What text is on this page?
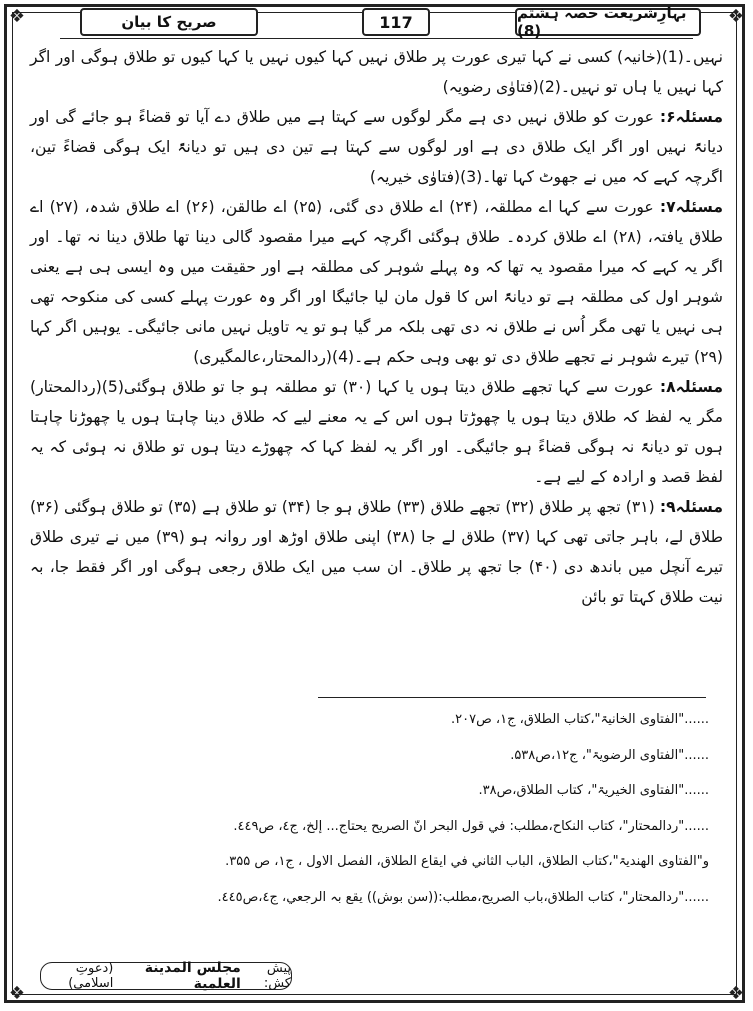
❖	❖
❖	❖
صریح کا بیان	117	بہارِشریعت حصہ ہشتم (8)

نہیں۔(1)(خانیہ) کسی نے کہا تیری عورت پر طلاق نہیں کہا کیوں نہیں یا کہا کیوں تو طلاق ہوگی اور اگر کہا نہیں یا ہاں تو نہیں۔(2)(فتاوٰی رضویہ)

مسئلہ۶: عورت کو طلاق نہیں دی ہے مگر لوگوں سے کہتا ہے میں طلاق دے آیا تو قضاءً ہو جائے گی اور دیانۃً نہیں اور اگر ایک طلاق دی ہے اور لوگوں سے کہتا ہے تین دی ہیں تو دیانۃً ایک ہوگی قضاءً تین، اگرچہ کہے کہ میں نے جھوٹ کہا تھا۔(3)(فتاوٰی خیریہ)

مسئلہ۷: عورت سے کہا اے مطلقہ، (۲۴) اے طلاق دی گئی، (۲۵) اے طالقن، (۲۶) اے طلاق شدہ، (۲۷) اے طلاق یافتہ، (۲۸) اے طلاق کردہ۔ طلاق ہوگئی اگرچہ کہے میرا مقصود گالی دینا تھا طلاق دینا نہ تھا۔ اور اگر یہ کہے کہ میرا مقصود یہ تھا کہ وہ پہلے شوہر کی مطلقہ ہے اور حقیقت میں وہ ایسی ہی ہے یعنی شوہر اول کی مطلقہ ہے تو دیانۃً اس کا قول مان لیا جائیگا اور اگر وہ عورت پہلے کسی کی منکوحہ تھی ہی نہیں یا تھی مگر اُس نے طلاق نہ دی تھی بلکہ مر گیا ہو تو یہ تاویل نہیں مانی جائیگی۔ یوہیں اگر کہا (۲۹) تیرے شوہر نے تجھے طلاق دی تو بھی وہی حکم ہے۔(4)(ردالمحتار،عالمگیری)

مسئلہ۸: عورت سے کہا تجھے طلاق دیتا ہوں یا کہا (۳۰) تو مطلقہ ہو جا تو طلاق ہوگئی(5)(ردالمحتار) مگر یہ لفظ کہ طلاق دیتا ہوں یا چھوڑتا ہوں اس کے یہ معنے لیے کہ طلاق دینا چاہتا ہوں یا چھوڑنا چاہتا ہوں تو دیانۃً نہ ہوگی قضاءً ہو جائیگی۔ اور اگر یہ لفظ کہا کہ چھوڑے دیتا ہوں تو طلاق نہ ہوئی کہ یہ لفظ قصد و ارادہ کے لیے ہے۔

مسئلہ۹: (۳۱) تجھ پر طلاق (۳۲) تجھے طلاق (۳۳) طلاق ہو جا (۳۴) تو طلاق ہے (۳۵) تو طلاق ہوگئی (۳۶) طلاق لے، باہر جاتی تھی کہا (۳۷) طلاق لے جا (۳۸) اپنی طلاق اوڑھ اور روانہ ہو (۳۹) میں نے تیری طلاق تیرے آنچل میں باندھ دی (۴۰) جا تجھ پر طلاق۔ ان سب میں ایک طلاق رجعی ہوگی اور اگر فقط جا، بہ نیت طلاق کہتا تو بائن

......"الفتاوی الخانیۃ"،کتاب الطلاق، ج۱، ص۲۰۷.
......"الفتاوی الرضویۃ"، ج۱۲،ص۵۳۸.
......"الفتاوی الخیریۃ"، کتاب الطلاق،ص۳۸.
......"ردالمحتار"، کتاب النکاح،مطلب: في قول البحر انّ الصریح یحتاج... إلخ، ج٤، ص٤٤٩.
و"الفتاوی الھندیۃ"،کتاب الطلاق، الباب الثاني في ایقاع الطلاق، الفصل الاول ، ج۱، ص ۳۵۵.
......"ردالمحتار"، کتاب الطلاق،باب الصریح،مطلب:((سن بوش)) یقع بہ الرجعي، ج٤،ص٤٤٥.
پیش کش:
مجلس المدينة العلمية
(دعوتِ اسلامی)
